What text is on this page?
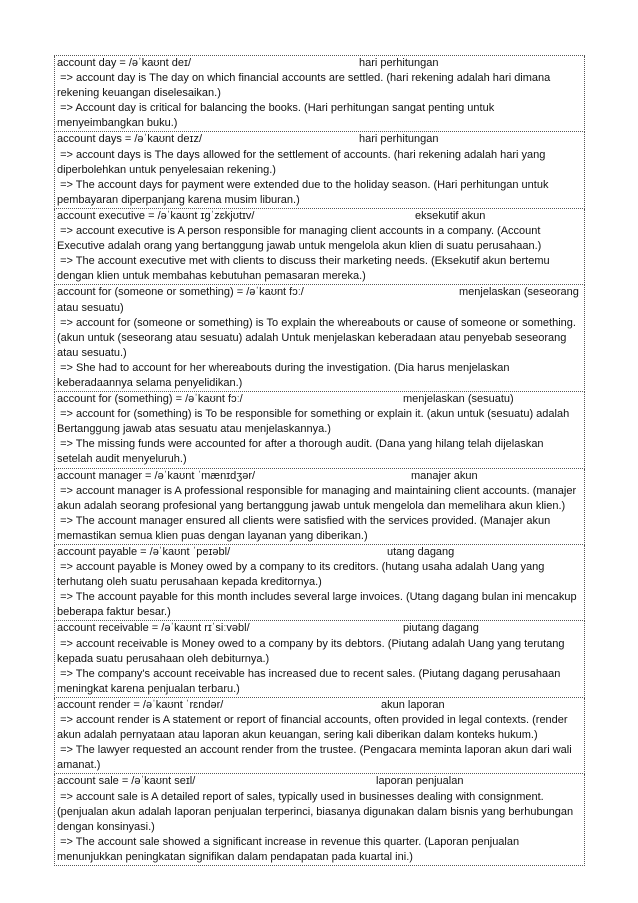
account day = /əˈkaʊnt deɪ/	hari perhitungan
=> account day is The day on which financial accounts are settled. (hari rekening adalah hari dimana rekening keuangan diselesaikan.)
=> Account day is critical for balancing the books. (Hari perhitungan sangat penting untuk menyeimbangkan buku.)
account days = /əˈkaʊnt deɪz/	hari perhitungan
=> account days is The days allowed for the settlement of accounts. (hari rekening adalah hari yang diperbolehkan untuk penyelesaian rekening.)
=> The account days for payment were extended due to the holiday season. (Hari perhitungan untuk pembayaran diperpanjang karena musim liburan.)
account executive = /əˈkaʊnt ɪɡˈzɛkjʊtɪv/	eksekutif akun
=> account executive is A person responsible for managing client accounts in a company. (Account Executive adalah orang yang bertanggung jawab untuk mengelola akun klien di suatu perusahaan.)
=> The account executive met with clients to discuss their marketing needs. (Eksekutif akun bertemu dengan klien untuk membahas kebutuhan pemasaran mereka.)
account for (someone or something) = /əˈkaʊnt fɔː/	menjelaskan (seseorang atau sesuatu)
=> account for (someone or something) is To explain the whereabouts or cause of someone or something. (akun untuk (seseorang atau sesuatu) adalah Untuk menjelaskan keberadaan atau penyebab seseorang atau sesuatu.)
=> She had to account for her whereabouts during the investigation. (Dia harus menjelaskan keberadaannya selama penyelidikan.)
account for (something) = /əˈkaʊnt fɔː/	menjelaskan (sesuatu)
=> account for (something) is To be responsible for something or explain it. (akun untuk (sesuatu) adalah Bertanggung jawab atas sesuatu atau menjelaskannya.)
=> The missing funds were accounted for after a thorough audit. (Dana yang hilang telah dijelaskan setelah audit menyeluruh.)
account manager = /əˈkaʊnt ˈmænɪdʒər/	manajer akun
=> account manager is A professional responsible for managing and maintaining client accounts. (manajer akun adalah seorang profesional yang bertanggung jawab untuk mengelola dan memelihara akun klien.)
=> The account manager ensured all clients were satisfied with the services provided. (Manajer akun memastikan semua klien puas dengan layanan yang diberikan.)
account payable = /əˈkaʊnt ˈpeɪəbl/	utang dagang
=> account payable is Money owed by a company to its creditors. (hutang usaha adalah Uang yang terhutang oleh suatu perusahaan kepada kreditornya.)
=> The account payable for this month includes several large invoices. (Utang dagang bulan ini mencakup beberapa faktur besar.)
account receivable = /əˈkaʊnt rɪˈsiːvəbl/	piutang dagang
=> account receivable is Money owed to a company by its debtors. (Piutang adalah Uang yang terutang kepada suatu perusahaan oleh debiturnya.)
=> The company's account receivable has increased due to recent sales. (Piutang dagang perusahaan meningkat karena penjualan terbaru.)
account render = /əˈkaʊnt ˈrɛndər/	akun laporan
=> account render is A statement or report of financial accounts, often provided in legal contexts. (render akun adalah pernyataan atau laporan akun keuangan, sering kali diberikan dalam konteks hukum.)
=> The lawyer requested an account render from the trustee. (Pengacara meminta laporan akun dari wali amanat.)
account sale = /əˈkaʊnt seɪl/	laporan penjualan
=> account sale is A detailed report of sales, typically used in businesses dealing with consignment. (penjualan akun adalah laporan penjualan terperinci, biasanya digunakan dalam bisnis yang berhubungan dengan konsinyasi.)
=> The account sale showed a significant increase in revenue this quarter. (Laporan penjualan menunjukkan peningkatan signifikan dalam pendapatan pada kuartal ini.)
